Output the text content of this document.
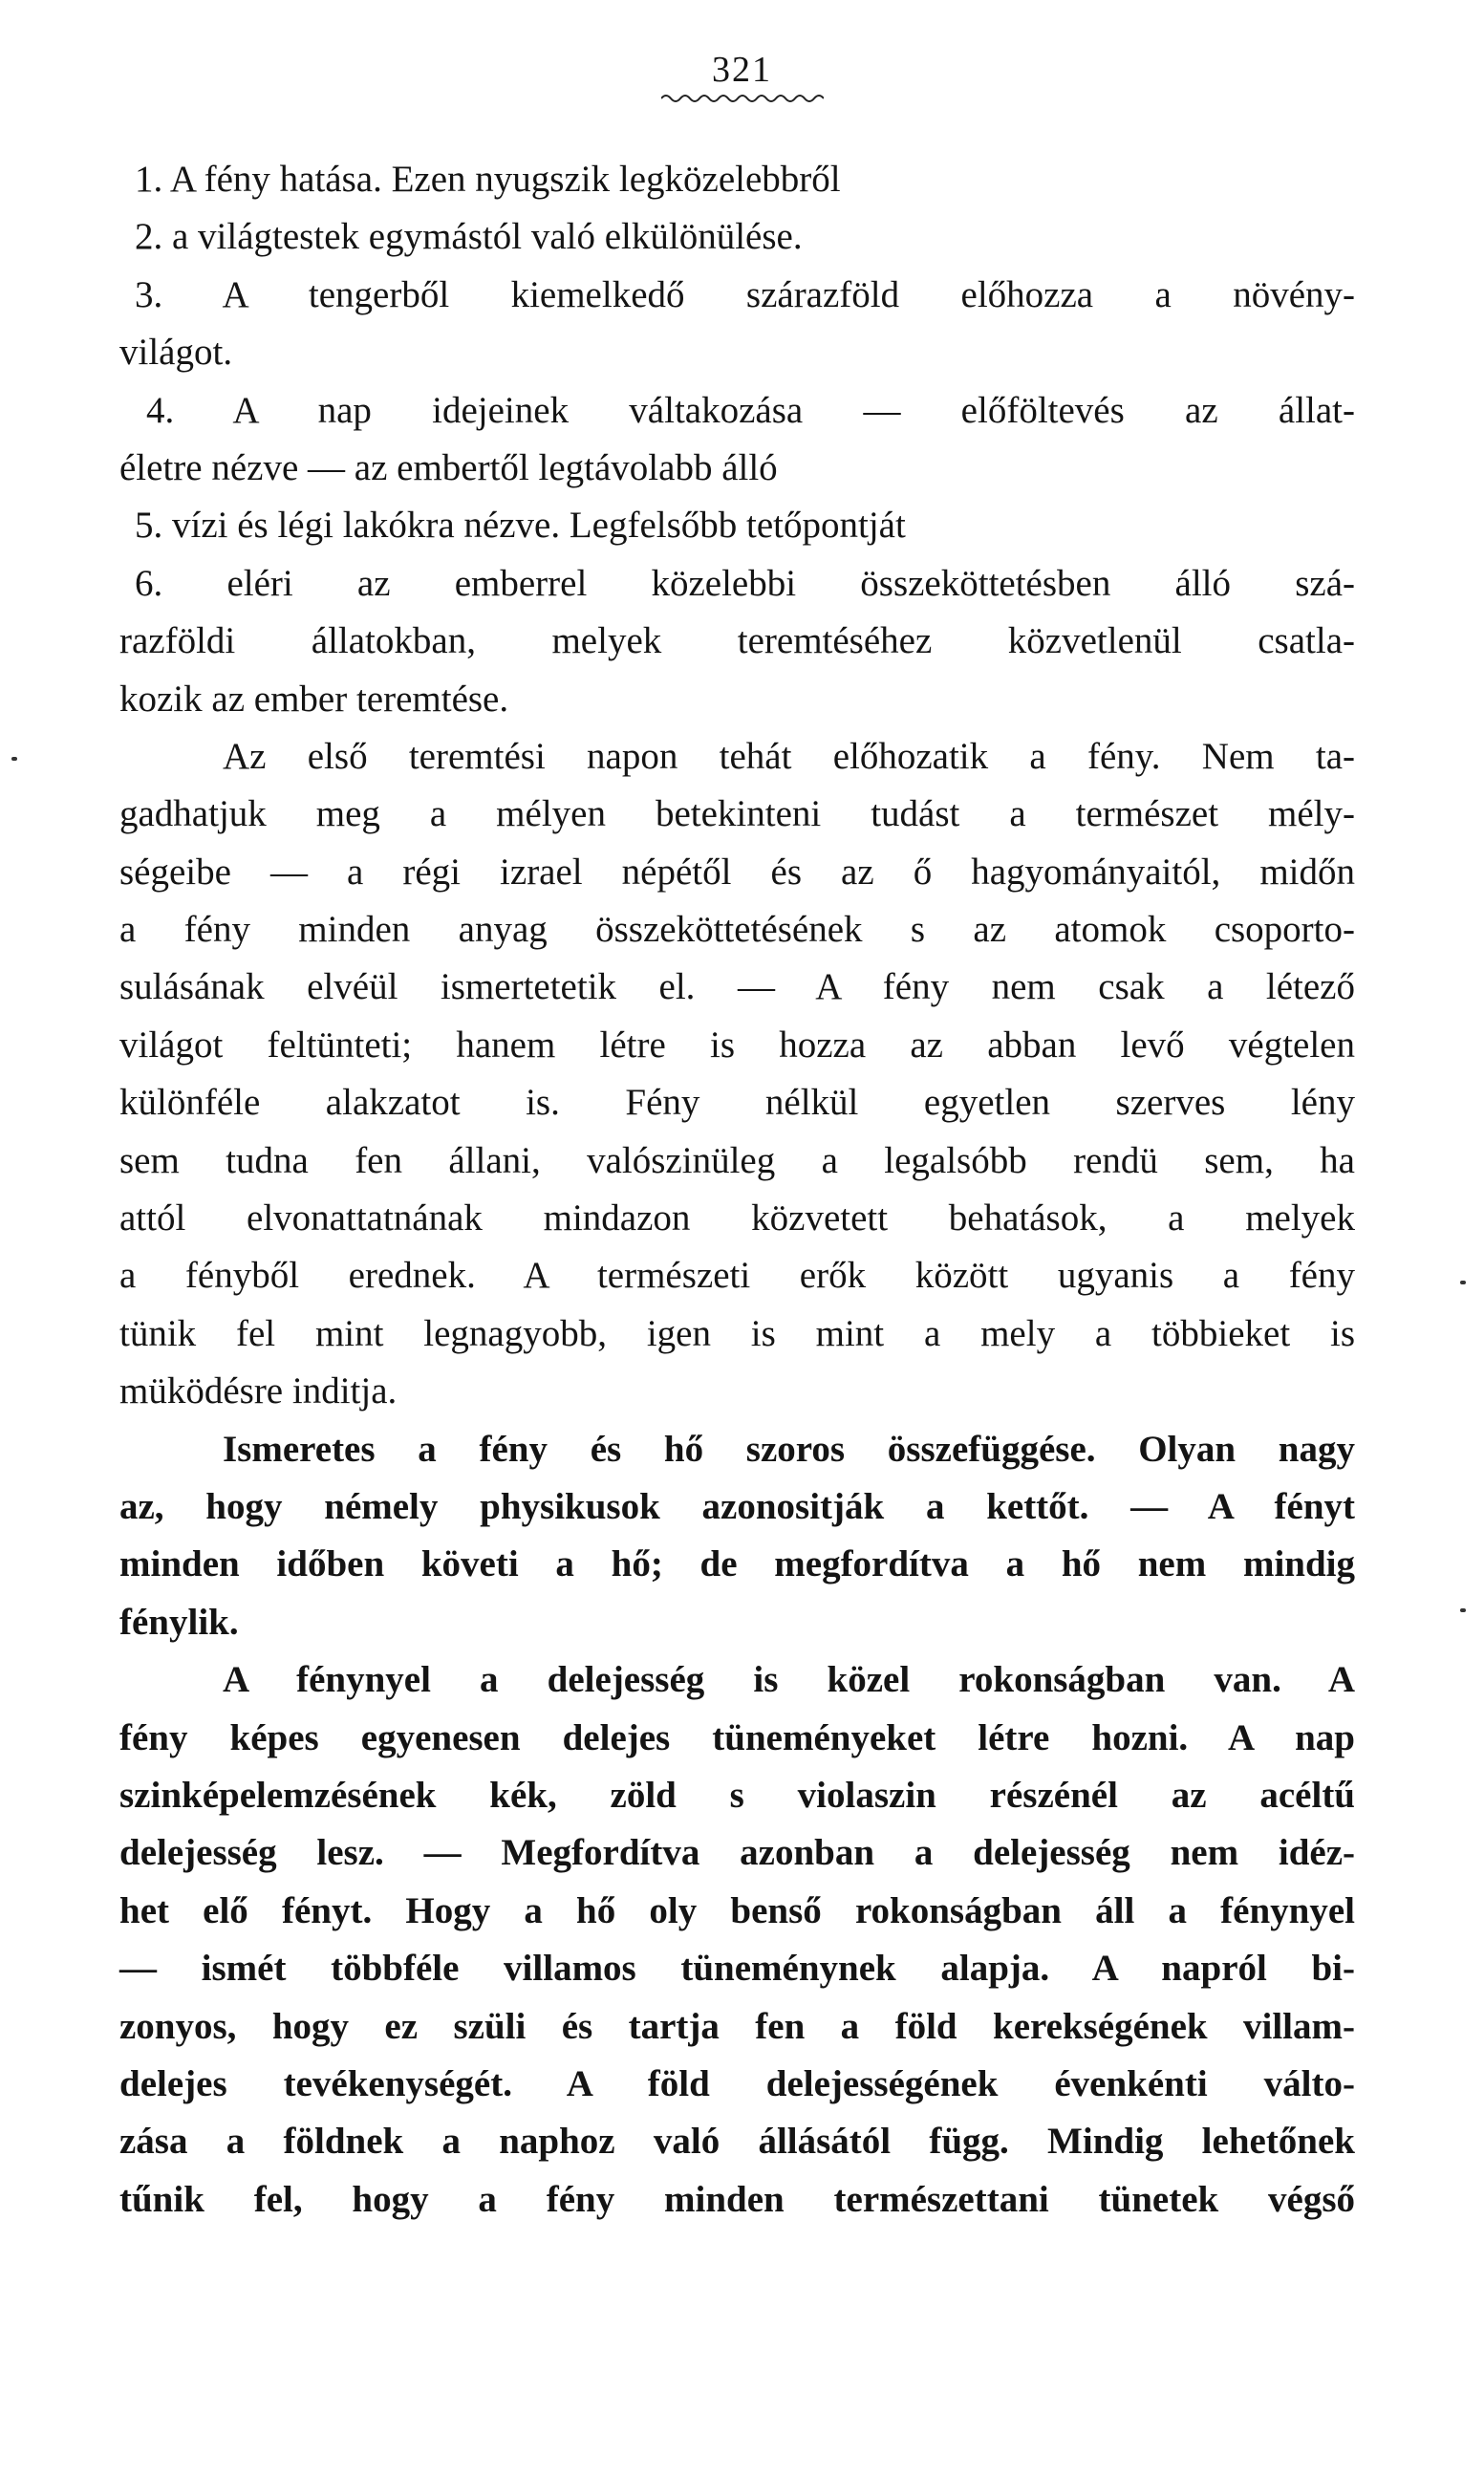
321
1. A fény hatása. Ezen nyugszik legközelebbről
2. a világtestek egymástól való elkülönülése.
3. A tengerből kiemelkedő szárazföld előhozza a növény-
világot.
4. A nap idejeinek váltakozása — előföltevés az állat-
életre nézve — az embertől legtávolabb álló
5. vízi és légi lakókra nézve. Legfelsőbb tetőpontját
6. eléri az emberrel közelebbi összeköttetésben álló szá-
razföldi állatokban, melyek teremtéséhez közvetlenül csatla-
kozik az ember teremtése.
Az első teremtési napon tehát előhozatik a fény. Nem ta-
gadhatjuk meg a mélyen betekinteni tudást a természet mély-
ségeibe — a régi izrael népétől és az ő hagyományaitól, midőn
a fény minden anyag összeköttetésének s az atomok csoporto-
sulásának elvéül ismertetetik el. — A fény nem csak a létező
világot feltünteti; hanem létre is hozza az abban levő végtelen
különféle alakzatot is. Fény nélkül egyetlen szerves lény
sem tudna fen állani, valószinüleg a legalsóbb rendü sem, ha
attól elvonattatnának mindazon közvetett behatások, a melyek
a fényből erednek. A természeti erők között ugyanis a fény
tünik fel mint legnagyobb, igen is mint a mely a többieket is
müködésre inditja.
Ismeretes a fény és hő szoros összefüggése. Olyan nagy
az, hogy némely physikusok azonositják a kettőt. — A fényt
minden időben követi a hő; de megfordítva a hő nem mindig
fénylik.
A fénynyel a delejesség is közel rokonságban van. A
fény képes egyenesen delejes tüneményeket létre hozni. A nap
szinképelemzésének kék, zöld s violaszin részénél az acéltű
delejesség lesz. — Megfordítva azonban a delejesség nem idéz-
het elő fényt. Hogy a hő oly benső rokonságban áll a fénynyel
— ismét többféle villamos tüneménynek alapja. A napról bi-
zonyos, hogy ez szüli és tartja fen a föld kerekségének villam-
delejes tevékenységét. A föld delejességének évenkénti válto-
zása a földnek a naphoz való állásától függ. Mindig lehetőnek
tűnik fel, hogy a fény minden természettani tünetek végső
